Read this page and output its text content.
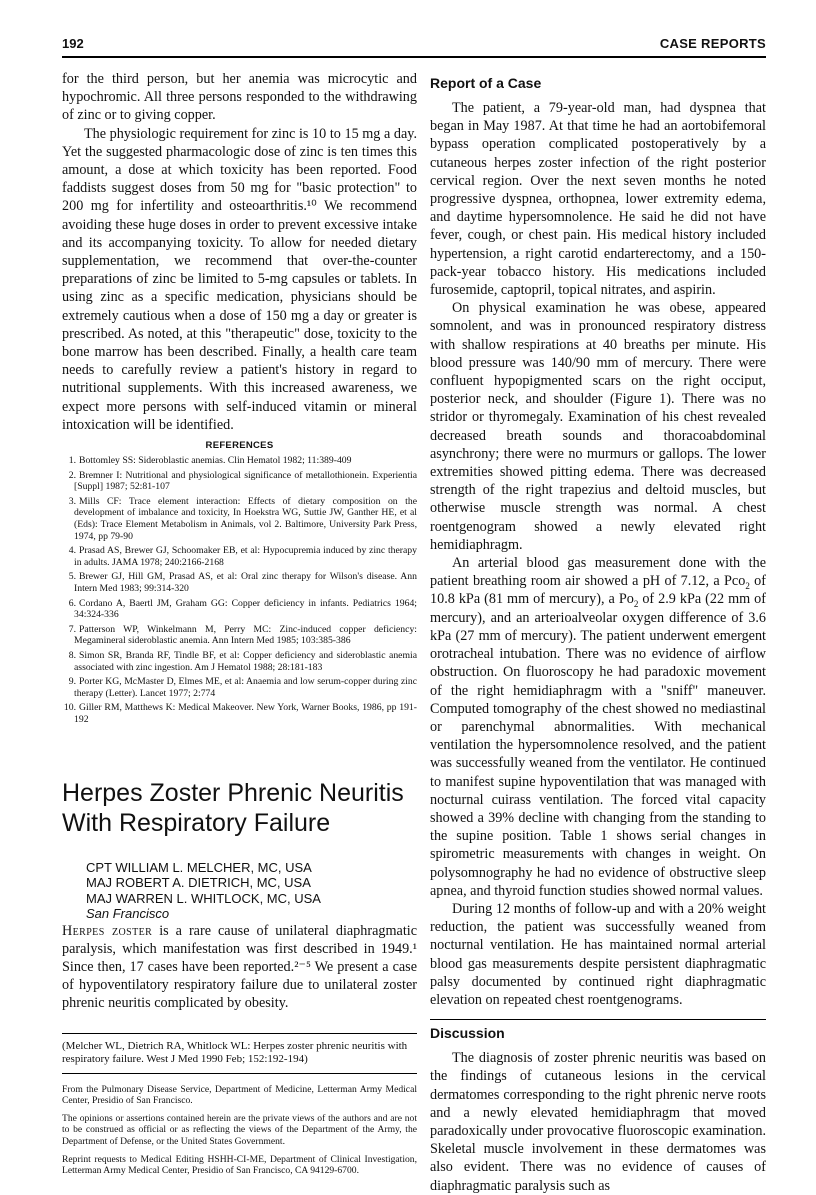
192	CASE REPORTS

for the third person, but her anemia was microcytic and hypochromic. All three persons responded to the withdrawing of zinc or to giving copper.

The physiologic requirement for zinc is 10 to 15 mg a day. Yet the suggested pharmacologic dose of zinc is ten times this amount, a dose at which toxicity has been reported. Food faddists suggest doses from 50 mg for "basic protection" to 200 mg for infertility and osteoarthritis.¹⁰ We recommend avoiding these huge doses in order to prevent excessive intake and its accompanying toxicity. To allow for needed dietary supplementation, we recommend that over-the-counter preparations of zinc be limited to 5-mg capsules or tablets. In using zinc as a specific medication, physicians should be extremely cautious when a dose of 150 mg a day or greater is prescribed. As noted, at this "therapeutic" dose, toxicity to the bone marrow has been described. Finally, a health care team needs to carefully review a patient's history in regard to nutritional supplements. With this increased awareness, we expect more persons with self-induced vitamin or mineral intoxication will be identified.

REFERENCES
1. Bottomley SS: Sideroblastic anemias. Clin Hematol 1982; 11:389-409
2. Bremner I: Nutritional and physiological significance of metallothionein. Experientia [Suppl] 1987; 52:81-107
3. Mills CF: Trace element interaction: Effects of dietary composition on the development of imbalance and toxicity, In Hoekstra WG, Suttie JW, Ganther HE, et al (Eds): Trace Element Metabolism in Animals, vol 2. Baltimore, University Park Press, 1974, pp 79-90
4. Prasad AS, Brewer GJ, Schoomaker EB, et al: Hypocupremia induced by zinc therapy in adults. JAMA 1978; 240:2166-2168
5. Brewer GJ, Hill GM, Prasad AS, et al: Oral zinc therapy for Wilson's disease. Ann Intern Med 1983; 99:314-320
6. Cordano A, Baertl JM, Graham GG: Copper deficiency in infants. Pediatrics 1964; 34:324-336
7. Patterson WP, Winkelmann M, Perry MC: Zinc-induced copper deficiency: Megamineral sideroblastic anemia. Ann Intern Med 1985; 103:385-386
8. Simon SR, Branda RF, Tindle BF, et al: Copper deficiency and sideroblastic anemia associated with zinc ingestion. Am J Hematol 1988; 28:181-183
9. Porter KG, McMaster D, Elmes ME, et al: Anaemia and low serum-copper during zinc therapy (Letter). Lancet 1977; 2:774
10. Giller RM, Matthews K: Medical Makeover. New York, Warner Books, 1986, pp 191-192
Herpes Zoster Phrenic Neuritis With Respiratory Failure
CPT WILLIAM L. MELCHER, MC, USA
MAJ ROBERT A. DIETRICH, MC, USA
MAJ WARREN L. WHITLOCK, MC, USA
San Francisco

Herpes zoster is a rare cause of unilateral diaphragmatic paralysis, which manifestation was first described in 1949.¹ Since then, 17 cases have been reported.²⁻⁵ We present a case of hypoventilatory respiratory failure due to unilateral zoster phrenic neuritis complicated by obesity.

(Melcher WL, Dietrich RA, Whitlock WL: Herpes zoster phrenic neuritis with respiratory failure. West J Med 1990 Feb; 152:192-194)

From the Pulmonary Disease Service, Department of Medicine, Letterman Army Medical Center, Presidio of San Francisco.

The opinions or assertions contained herein are the private views of the authors and are not to be construed as official or as reflecting the views of the Department of the Army, the Department of Defense, or the United States Government.

Reprint requests to Medical Editing HSHH-CI-ME, Department of Clinical Investigation, Letterman Army Medical Center, Presidio of San Francisco, CA 94129-6700.

Report of a Case

The patient, a 79-year-old man, had dyspnea that began in May 1987. At that time he had an aortobifemoral bypass operation complicated postoperatively by a cutaneous herpes zoster infection of the right posterior cervical region. Over the next seven months he noted progressive dyspnea, orthopnea, lower extremity edema, and daytime hypersomnolence. He said he did not have fever, cough, or chest pain. His medical history included hypertension, a right carotid endarterectomy, and a 150-pack-year tobacco history. His medications included furosemide, captopril, topical nitrates, and aspirin.

On physical examination he was obese, appeared somnolent, and was in pronounced respiratory distress with shallow respirations at 40 breaths per minute. His blood pressure was 140/90 mm of mercury. There were confluent hypopigmented scars on the right occiput, posterior neck, and shoulder (Figure 1). There was no stridor or thyromegaly. Examination of his chest revealed decreased breath sounds and thoracoabdominal asynchrony; there were no murmurs or gallops. The lower extremities showed pitting edema. There was decreased strength of the right trapezius and deltoid muscles, but otherwise muscle strength was normal. A chest roentgenogram showed a newly elevated right hemidiaphragm.

An arterial blood gas measurement done with the patient breathing room air showed a pH of 7.12, a Pco$_2$ of 10.8 kPa (81 mm of mercury), a $Po_2$ of 2.9 kPa (22 mm of mercury), and an arterioalveolar oxygen difference of 3.6 kPa (27 mm of mercury). The patient underwent emergent orotracheal intubation. There was no evidence of airflow obstruction. On fluoroscopy he had paradoxic movement of the right hemidiaphragm with a "sniff" maneuver. Computed tomography of the chest showed no mediastinal or parenchymal abnormalities. With mechanical ventilation the hypersomnolence resolved, and the patient was successfully weaned from the ventilator. He continued to manifest supine hypoventilation that was managed with nocturnal cuirass ventilation. The forced vital capacity showed a 39% decline with changing from the standing to the supine position. Table 1 shows serial changes in spirometric measurements with changes in weight. On polysomnography he had no evidence of obstructive sleep apnea, and thyroid function studies showed normal values.

During 12 months of follow-up and with a 20% weight reduction, the patient was successfully weaned from nocturnal ventilation. He has maintained normal arterial blood gas measurements despite persistent diaphragmatic palsy documented by continued right diaphragmatic elevation on repeated chest roentgenograms.

Discussion

The diagnosis of zoster phrenic neuritis was based on the findings of cutaneous lesions in the cervical dermatomes corresponding to the right phrenic nerve roots and a newly elevated hemidiaphragm that moved paradoxically under provocative fluoroscopic examination. Skeletal muscle involvement in these dermatomes was also evident. There was no evidence of causes of diaphragmatic paralysis such as
